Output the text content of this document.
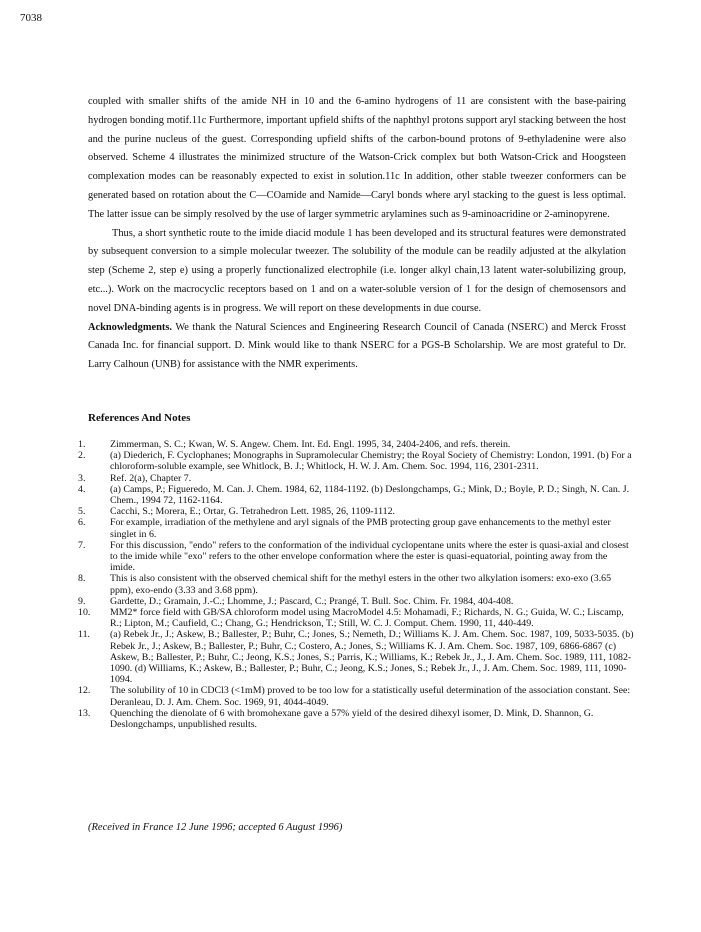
7038

coupled with smaller shifts of the amide NH in 10 and the 6-amino hydrogens of 11 are consistent with the base-pairing hydrogen bonding motif.11c Furthermore, important upfield shifts of the naphthyl protons support aryl stacking between the host and the purine nucleus of the guest. Corresponding upfield shifts of the carbon-bound protons of 9-ethyladenine were also observed. Scheme 4 illustrates the minimized structure of the Watson-Crick complex but both Watson-Crick and Hoogsteen complexation modes can be reasonably expected to exist in solution.11c In addition, other stable tweezer conformers can be generated based on rotation about the C—COamide and Namide—Caryl bonds where aryl stacking to the guest is less optimal. The latter issue can be simply resolved by the use of larger symmetric arylamines such as 9-aminoacridine or 2-aminopyrene.

Thus, a short synthetic route to the imide diacid module 1 has been developed and its structural features were demonstrated by subsequent conversion to a simple molecular tweezer. The solubility of the module can be readily adjusted at the alkylation step (Scheme 2, step e) using a properly functionalized electrophile (i.e. longer alkyl chain,13 latent water-solubilizing group, etc...). Work on the macrocyclic receptors based on 1 and on a water-soluble version of 1 for the design of chemosensors and novel DNA-binding agents is in progress. We will report on these developments in due course.

Acknowledgments. We thank the Natural Sciences and Engineering Research Council of Canada (NSERC) and Merck Frosst Canada Inc. for financial support. D. Mink would like to thank NSERC for a PGS-B Scholarship. We are most grateful to Dr. Larry Calhoun (UNB) for assistance with the NMR experiments.

References And Notes
1.	Zimmerman, S. C.; Kwan, W. S. Angew. Chem. Int. Ed. Engl. 1995, 34, 2404-2406, and refs. therein.
2.	(a) Diederich, F. Cyclophanes; Monographs in Supramolecular Chemistry; the Royal Society of Chemistry: London, 1991. (b) For a chloroform-soluble example, see Whitlock, B. J.; Whitlock, H. W. J. Am. Chem. Soc. 1994, 116, 2301-2311.
3.	Ref. 2(a), Chapter 7.
4.	(a) Camps, P.; Figueredo, M. Can. J. Chem. 1984, 62, 1184-1192. (b) Deslongchamps, G.; Mink, D.; Boyle, P. D.; Singh, N. Can. J. Chem., 1994 72, 1162-1164.
5.	Cacchi, S.; Morera, E.; Ortar, G. Tetrahedron Lett. 1985, 26, 1109-1112.
6.	For example, irradiation of the methylene and aryl signals of the PMB protecting group gave enhancements to the methyl ester singlet in 6.
7.	For this discussion, "endo" refers to the conformation of the individual cyclopentane units where the ester is quasi-axial and closest to the imide while "exo" refers to the other envelope conformation where the ester is quasi-equatorial, pointing away from the imide.
8.	This is also consistent with the observed chemical shift for the methyl esters in the other two alkylation isomers: exo-exo (3.65 ppm), exo-endo (3.33 and 3.68 ppm).
9.	Gardette, D.; Gramain, J.-C.; Lhomme, J.; Pascard, C.; Prangé, T. Bull. Soc. Chim. Fr. 1984, 404-408.
10.	MM2* force field with GB/SA chloroform model using MacroModel 4.5: Mohamadi, F.; Richards, N. G.; Guida, W. C.; Liscamp, R.; Lipton, M.; Caufield, C.; Chang, G.; Hendrickson, T.; Still, W. C. J. Comput. Chem. 1990, 11, 440-449.
11.	(a) Rebek Jr., J.; Askew, B.; Ballester, P.; Buhr, C.; Jones, S.; Nemeth, D.; Williams K. J. Am. Chem. Soc. 1987, 109, 5033-5035. (b) Rebek Jr., J.; Askew, B.; Ballester, P.; Buhr, C.; Costero, A.; Jones, S.; Williams K. J. Am. Chem. Soc. 1987, 109, 6866-6867 (c) Askew, B.; Ballester, P.; Buhr, C.; Jeong, K.S.; Jones, S.; Parris, K.; Williams, K.; Rebek Jr., J., J. Am. Chem. Soc. 1989, 111, 1082-1090. (d) Williams, K.; Askew, B.; Ballester, P.; Buhr, C.; Jeong, K.S.; Jones, S.; Rebek Jr., J., J. Am. Chem. Soc. 1989, 111, 1090-1094.
12.	The solubility of 10 in CDCl3 (<1mM) proved to be too low for a statistically useful determination of the association constant. See: Deranleau, D. J. Am. Chem. Soc. 1969, 91, 4044-4049.
13.	Quenching the dienolate of 6 with bromohexane gave a 57% yield of the desired dihexyl isomer, D. Mink, D. Shannon, G. Deslongchamps, unpublished results.
(Received in France 12 June 1996; accepted 6 August 1996)
